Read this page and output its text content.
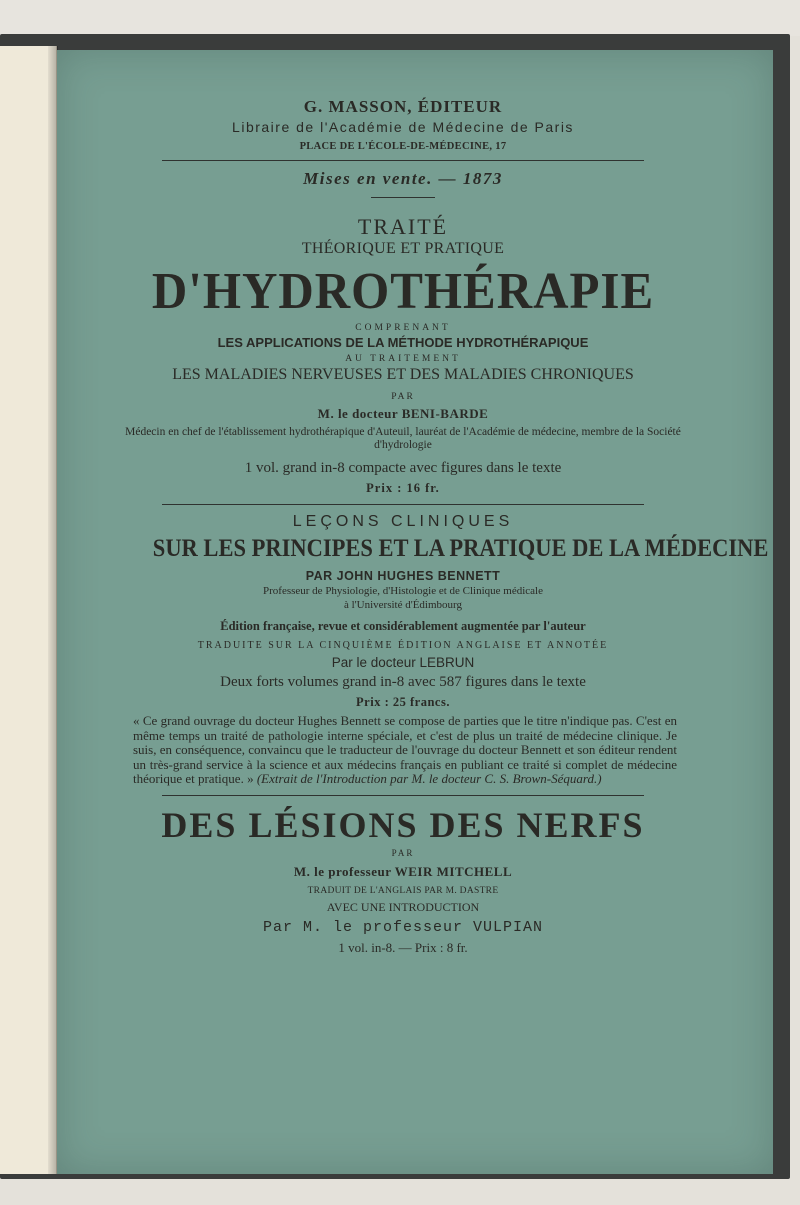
G. MASSON, ÉDITEUR
Libraire de l'Académie de Médecine de Paris
PLACE DE L'ÉCOLE-DE-MÉDECINE, 17
Mises en vente. — 1873
TRAITÉ
THÉORIQUE ET PRATIQUE
D'HYDROTHÉRAPIE
COMPRENANT
LES APPLICATIONS DE LA MÉTHODE HYDROTHÉRAPIQUE
AU TRAITEMENT
LES MALADIES NERVEUSES ET DES MALADIES CHRONIQUES
PAR
M. le docteur BENI-BARDE
Médecin en chef de l'établissement hydrothérapique d'Auteuil, lauréat de l'Académie de médecine, membre de la Société d'hydrologie
1 vol. grand in-8 compacte avec figures dans le texte
Prix : 16 fr.
LEÇONS CLINIQUES
SUR LES PRINCIPES ET LA PRATIQUE DE LA MÉDECINE
PAR JOHN HUGHES BENNETT
Professeur de Physiologie, d'Histologie et de Clinique médicale
à l'Université d'Édimbourg
Édition française, revue et considérablement augmentée par l'auteur
TRADUITE SUR LA CINQUIÈME ÉDITION ANGLAISE ET ANNOTÉE
Par le docteur LEBRUN
Deux forts volumes grand in-8 avec 587 figures dans le texte
Prix : 25 francs.
« Ce grand ouvrage du docteur Hughes Bennett se compose de parties que le titre n'indique pas. C'est en même temps un traité de pathologie interne spéciale, et c'est de plus un traité de médecine clinique. Je suis, en conséquence, convaincu que le traducteur de l'ouvrage du docteur Bennett et son éditeur rendent un très-grand service à la science et aux médecins français en publiant ce traité si complet de médecine théorique et pratique. » (Extrait de l'Introduction par M. le docteur C. S. Brown-Séquard.)
DES LÉSIONS DES NERFS
PAR
M. le professeur WEIR MITCHELL
TRADUIT DE L'ANGLAIS PAR M. DASTRE
AVEC UNE INTRODUCTION
Par M. le professeur VULPIAN
1 vol. in-8. — Prix : 8 fr.
